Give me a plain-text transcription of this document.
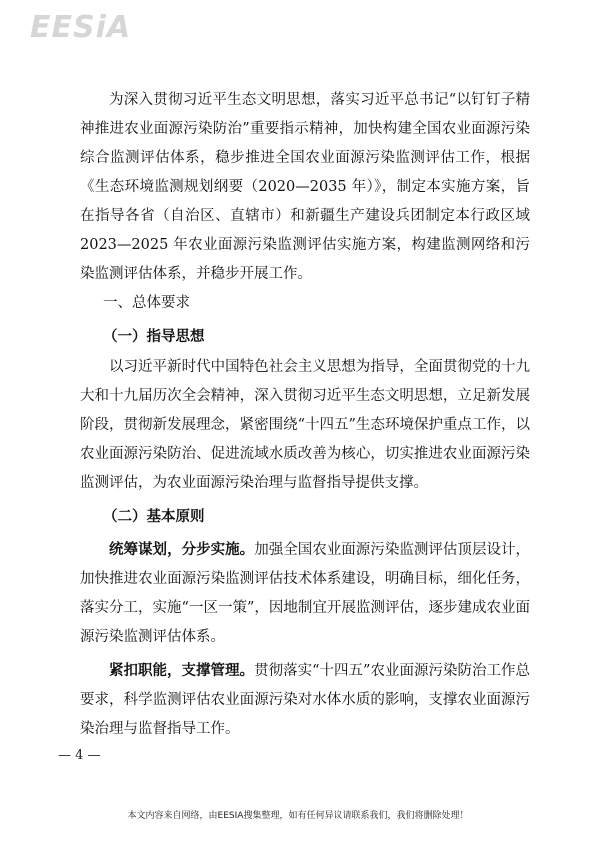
EESiA

为深入贯彻习近平生态文明思想，落实习近平总书记“以钉钉子精神推进农业面源污染防治”重要指示精神，加快构建全国农业面源污染综合监测评估体系，稳步推进全国农业面源污染监测评估工作，根据《生态环境监测规划纲要（2020—2035 年）》，制定本实施方案，旨在指导各省（自治区、直辖市）和新疆生产建设兵团制定本行政区域 2023—2025 年农业面源污染监测评估实施方案，构建监测网络和污染监测评估体系，并稳步开展工作。

一、总体要求

（一）指导思想

以习近平新时代中国特色社会主义思想为指导，全面贯彻党的十九大和十九届历次全会精神，深入贯彻习近平生态文明思想，立足新发展阶段，贯彻新发展理念，紧密围绕“十四五”生态环境保护重点工作，以农业面源污染防治、促进流域水质改善为核心，切实推进农业面源污染监测评估，为农业面源污染治理与监督指导提供支撑。

（二）基本原则

统筹谋划，分步实施。加强全国农业面源污染监测评估顶层设计，加快推进农业面源污染监测评估技术体系建设，明确目标，细化任务，落实分工，实施“一区一策”，因地制宜开展监测评估，逐步建成农业面源污染监测评估体系。

紧扣职能，支撑管理。贯彻落实“十四五”农业面源污染防治工作总要求，科学监测评估农业面源污染对水体水质的影响，支撑农业面源污染治理与监督指导工作。

— 4 —
本文内容来自网络，由EESIA搜集整理，如有任何异议请联系我们，我们将删除处理！
